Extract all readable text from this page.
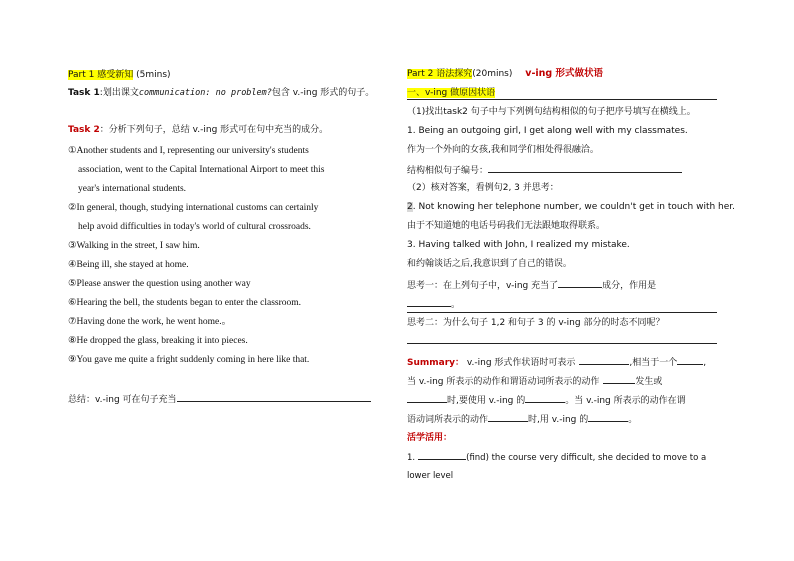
Part 1 感受新知 (5mins)
Task 1:划出课文communication: no problem?包含 v.-ing 形式的句子。
Task 2：分析下列句子，总结 v.-ing 形式可在句中充当的成分。
①Another students and I, representing our university's students
association, went to the Capital International Airport to meet this
year's international students.
②In general, though, studying international customs can certainly
help avoid difficulties in today's world of cultural crossroads.
③Walking in the street, I saw him.
④Being ill, she stayed at home.
⑤Please answer the question using another way
⑥Hearing the bell, the students began to enter the classroom.
⑦Having done the work, he went home.。
⑧He dropped the glass, breaking it into pieces.
⑨You gave me quite a fright suddenly coming in here like that.
总结：v.-ing 可在句子充当
Part 2 语法探究(20mins) v-ing 形式做状语
一、v-ing 做原因状语
（1)找出task2 句子中与下列例句结构相似的句子把序号填写在横线上。
1. Being an outgoing girl, I get along well with my classmates.
作为一个外向的女孩,我和同学们相处得很融洽。
结构相似句子编号：
（2）核对答案，看例句2, 3 并思考：
2. Not knowing her telephone number, we couldn't get in touch with her.
由于不知道她的电话号码我们无法跟她取得联系。
3. Having talked with John, I realized my mistake.
和约翰谈话之后,我意识到了自己的错误。
思考一：在上列句子中，v-ing 充当了	成分，作用是
。
思考二：为什么句子 1,2 和句子 3 的 v-ing 部分的时态不同呢？
Summary： v.-ing 形式作状语时可表示	,相当于一个	,
当 v.-ing 所表示的动作和谓语动词所表示的动作	发生或
时,要使用 v.-ing 的	。当 v.-ing 所表示的动作在谓
语动词所表示的动作	时,用 v.-ing 的	。
活学活用：
1.	(find) the course very difficult, she decided to move to a
lower level
